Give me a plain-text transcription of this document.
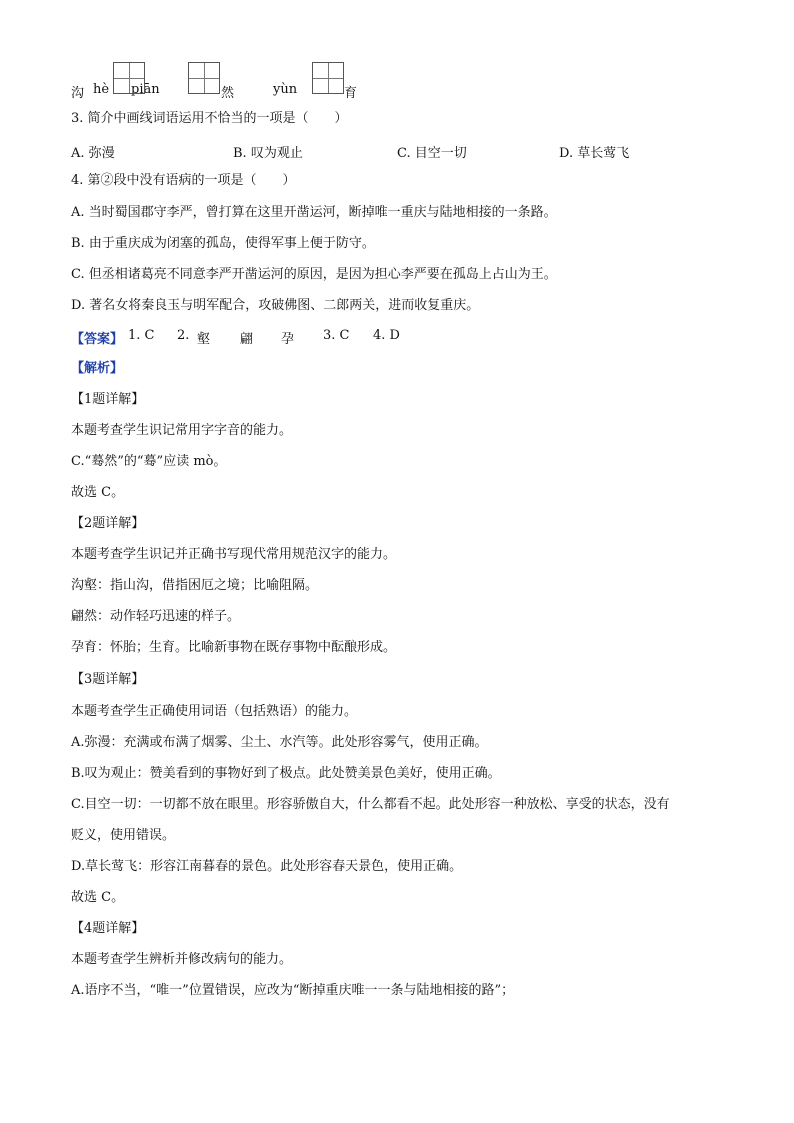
沟 hè piān	然	yùn	育
3. 简介中画线词语运用不恰当的一项是（　　）
A. 弥漫	B. 叹为观止	C. 目空一切	D. 草长莺飞
4. 第②段中没有语病的一项是（　　）
A. 当时蜀国郡守李严，曾打算在这里开凿运河，断掉唯一重庆与陆地相接的一条路。
B. 由于重庆成为闭塞的孤岛，使得军事上便于防守。
C. 但丞相诸葛亮不同意李严开凿运河的原因，是因为担心李严要在孤岛上占山为王。
D. 著名女将秦良玉与明军配合，攻破佛图、二郎两关，进而收复重庆。
【答案】 1. C 2. 壑 翩 孕 3. C 4. D
【解析】
【1题详解】
本题考查学生识记常用字字音的能力。
C.“蓦然”的“蓦”应读 mò。
故选 C。
【2题详解】
本题考查学生识记并正确书写现代常用规范汉字的能力。
沟壑：指山沟，借指困厄之境；比喻阻隔。
翩然：动作轻巧迅速的样子。
孕育：怀胎；生育。比喻新事物在既存事物中酝酿形成。
【3题详解】
本题考查学生正确使用词语（包括熟语）的能力。
A.弥漫：充满或布满了烟雾、尘土、水汽等。此处形容雾气，使用正确。
B.叹为观止：赞美看到的事物好到了极点。此处赞美景色美好，使用正确。
C.目空一切：一切都不放在眼里。形容骄傲自大，什么都看不起。此处形容一种放松、享受的状态，没有
贬义，使用错误。
D.草长莺飞：形容江南暮春的景色。此处形容春天景色，使用正确。
故选 C。
【4题详解】
本题考查学生辨析并修改病句的能力。
A.语序不当，“唯一”位置错误，应改为“断掉重庆唯一一条与陆地相接的路”；
